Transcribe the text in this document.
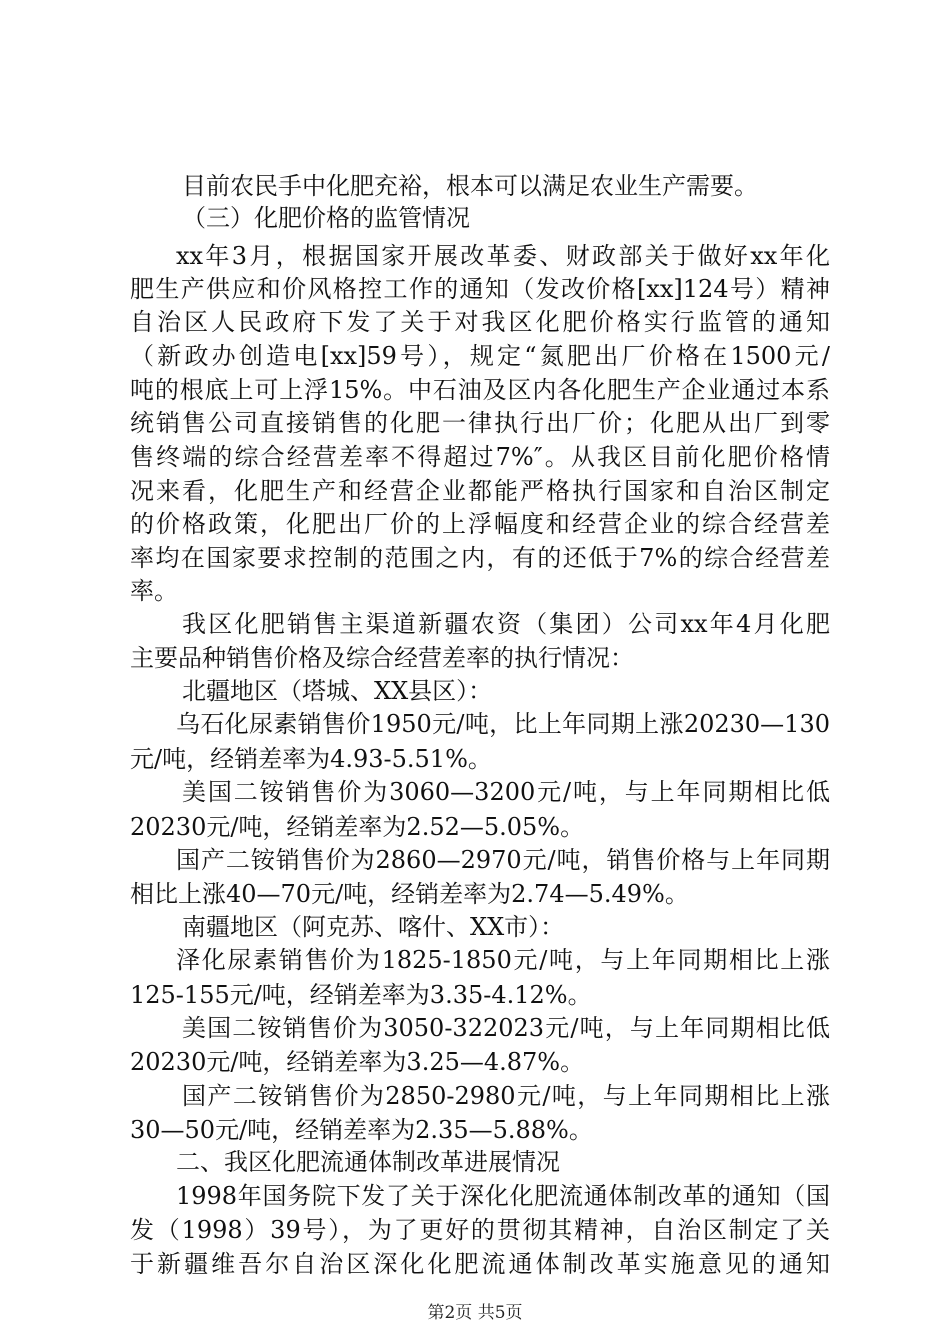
目前农民手中化肥充裕，根本可以满足农业生产需要。
（三）化肥价格的监管情况
xx年3月，根据国家开展改革委、财政部关于做好xx年化
肥生产供应和价风格控工作的通知（发改价格[xx]124号）精神
自治区人民政府下发了关于对我区化肥价格实行监管的通知
（新政办创造电[xx]59号），规定“氮肥出厂价格在1500元/
吨的根底上可上浮15%。中石油及区内各化肥生产企业通过本系
统销售公司直接销售的化肥一律执行出厂价；化肥从出厂到零
售终端的综合经营差率不得超过7%″。从我区目前化肥价格情
况来看，化肥生产和经营企业都能严格执行国家和自治区制定
的价格政策，化肥出厂价的上浮幅度和经营企业的综合经营差
率均在国家要求控制的范围之内，有的还低于7%的综合经营差
率。
我区化肥销售主渠道新疆农资（集团）公司xx年4月化肥
主要品种销售价格及综合经营差率的执行情况：
北疆地区（塔城、XX县区）：
乌石化尿素销售价1950元/吨，比上年同期上涨20230—130
元/吨，经销差率为4.93-5.51%。
美国二铵销售价为3060—3200元/吨，与上年同期相比低
20230元/吨，经销差率为2.52—5.05%。
国产二铵销售价为2860—2970元/吨，销售价格与上年同期
相比上涨40—70元/吨，经销差率为2.74—5.49%。
南疆地区（阿克苏、喀什、XX市）：
泽化尿素销售价为1825-1850元/吨，与上年同期相比上涨
125-155元/吨，经销差率为3.35-4.12%。
美国二铵销售价为3050-322023元/吨，与上年同期相比低
20230元/吨，经销差率为3.25—4.87%。
国产二铵销售价为2850-2980元/吨，与上年同期相比上涨
30—50元/吨，经销差率为2.35—5.88%。
二、我区化肥流通体制改革进展情况
1998年国务院下发了关于深化化肥流通体制改革的通知（国
发（1998）39号），为了更好的贯彻其精神，自治区制定了关
于新疆维吾尔自治区深化化肥流通体制改革实施意见的通知
第2页 共5页
